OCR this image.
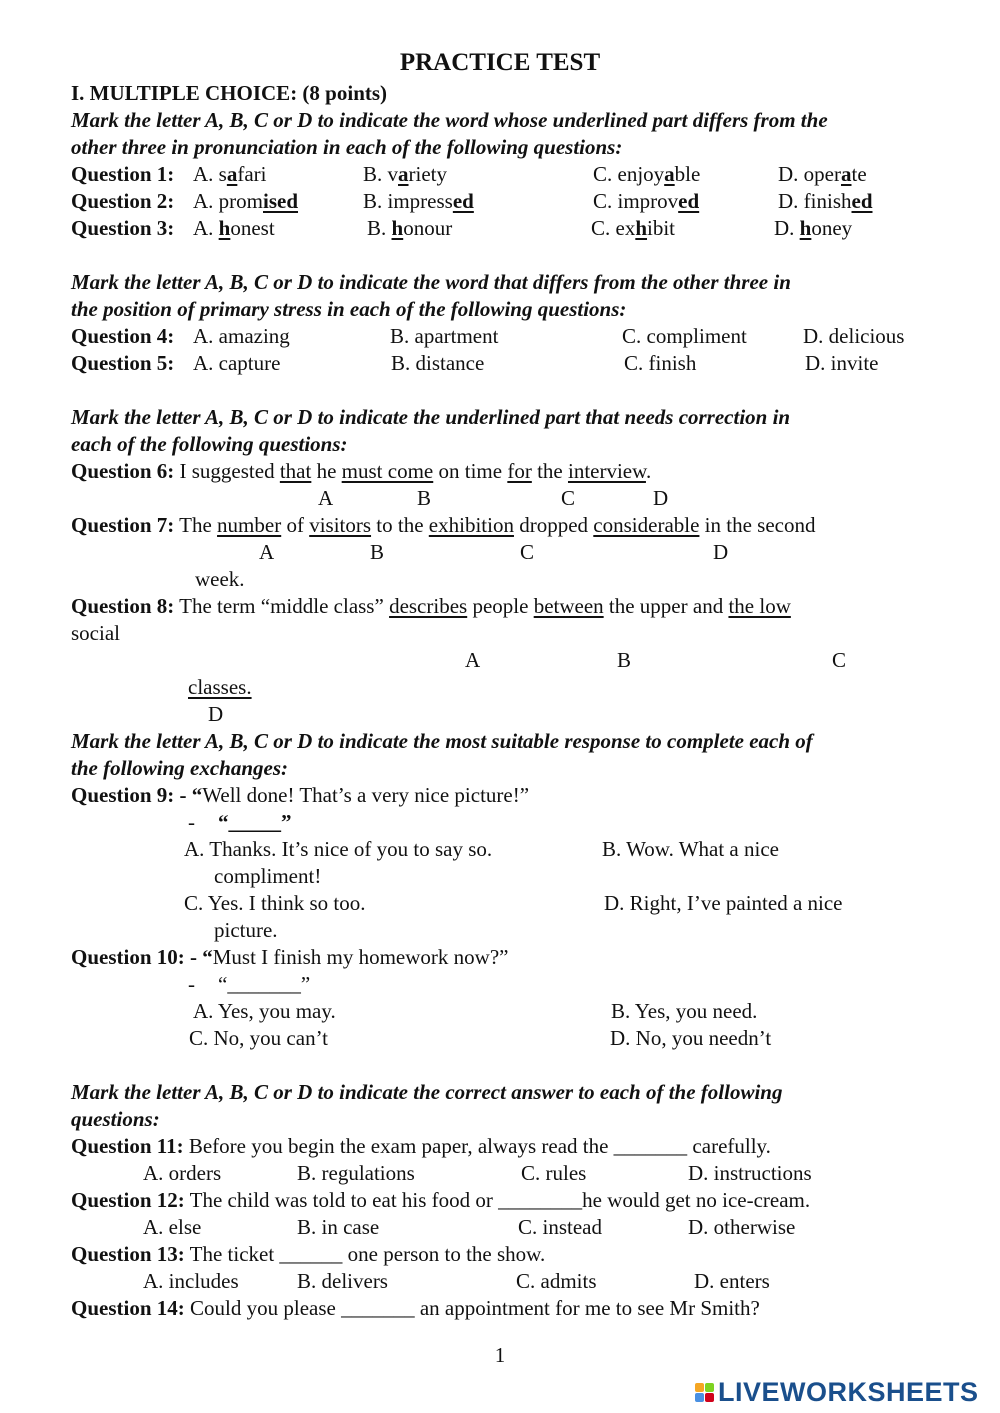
PRACTICE TEST
I. MULTIPLE CHOICE: (8 points)
Mark the letter A, B, C or D to indicate the word whose underlined part differs from the
other three in pronunciation in each of the following questions:
Question 1: A. safari	B. variety	C. enjoyable	D. operate
Question 2: A. promised	B. impressed	C. improved	D. finished
Question 3: A. honest	B. honour	C. exhibit	D. honey
Mark the letter A, B, C or D to indicate the word that differs from the other three in
the position of primary stress in each of the following questions:
Question 4: A. amazing	B. apartment	C. compliment	D. delicious
Question 5: A. capture	B. distance	C. finish	D. invite
Mark the letter A, B, C or D to indicate the underlined part that needs correction in
each of the following questions:
Question 6: I suggested that he must come on time for the interview.
A	B	C	D
Question 7: The number of visitors to the exhibition dropped considerable in the second
A	B	C	D
week.
Question 8: The term “middle class” describes people between the upper and the low
social
A	B	C
classes.
D
Mark the letter A, B, C or D to indicate the most suitable response to complete each of
the following exchanges:
Question 9: - “Well done! That’s a very nice picture!”
- “_____”
A. Thanks. It’s nice of you to say so.	B. Wow. What a nice
compliment!
C. Yes. I think so too.	D. Right, I’ve painted a nice
picture.
Question 10: - “Must I finish my homework now?”
- “_______”
A. Yes, you may.	B. Yes, you need.
C. No, you can’t	D. No, you needn’t
Mark the letter A, B, C or D to indicate the correct answer to each of the following
questions:
Question 11: Before you begin the exam paper, always read the _______ carefully.
A. orders	B. regulations	C. rules	D. instructions
Question 12: The child was told to eat his food or ________he would get no ice-cream.
A. else	B. in case	C. instead	D. otherwise
Question 13: The ticket ______ one person to the show.
A. includes	B. delivers	C. admits	D. enters
Question 14: Could you please _______ an appointment for me to see Mr Smith?
1
LIVEWORKSHEETS
